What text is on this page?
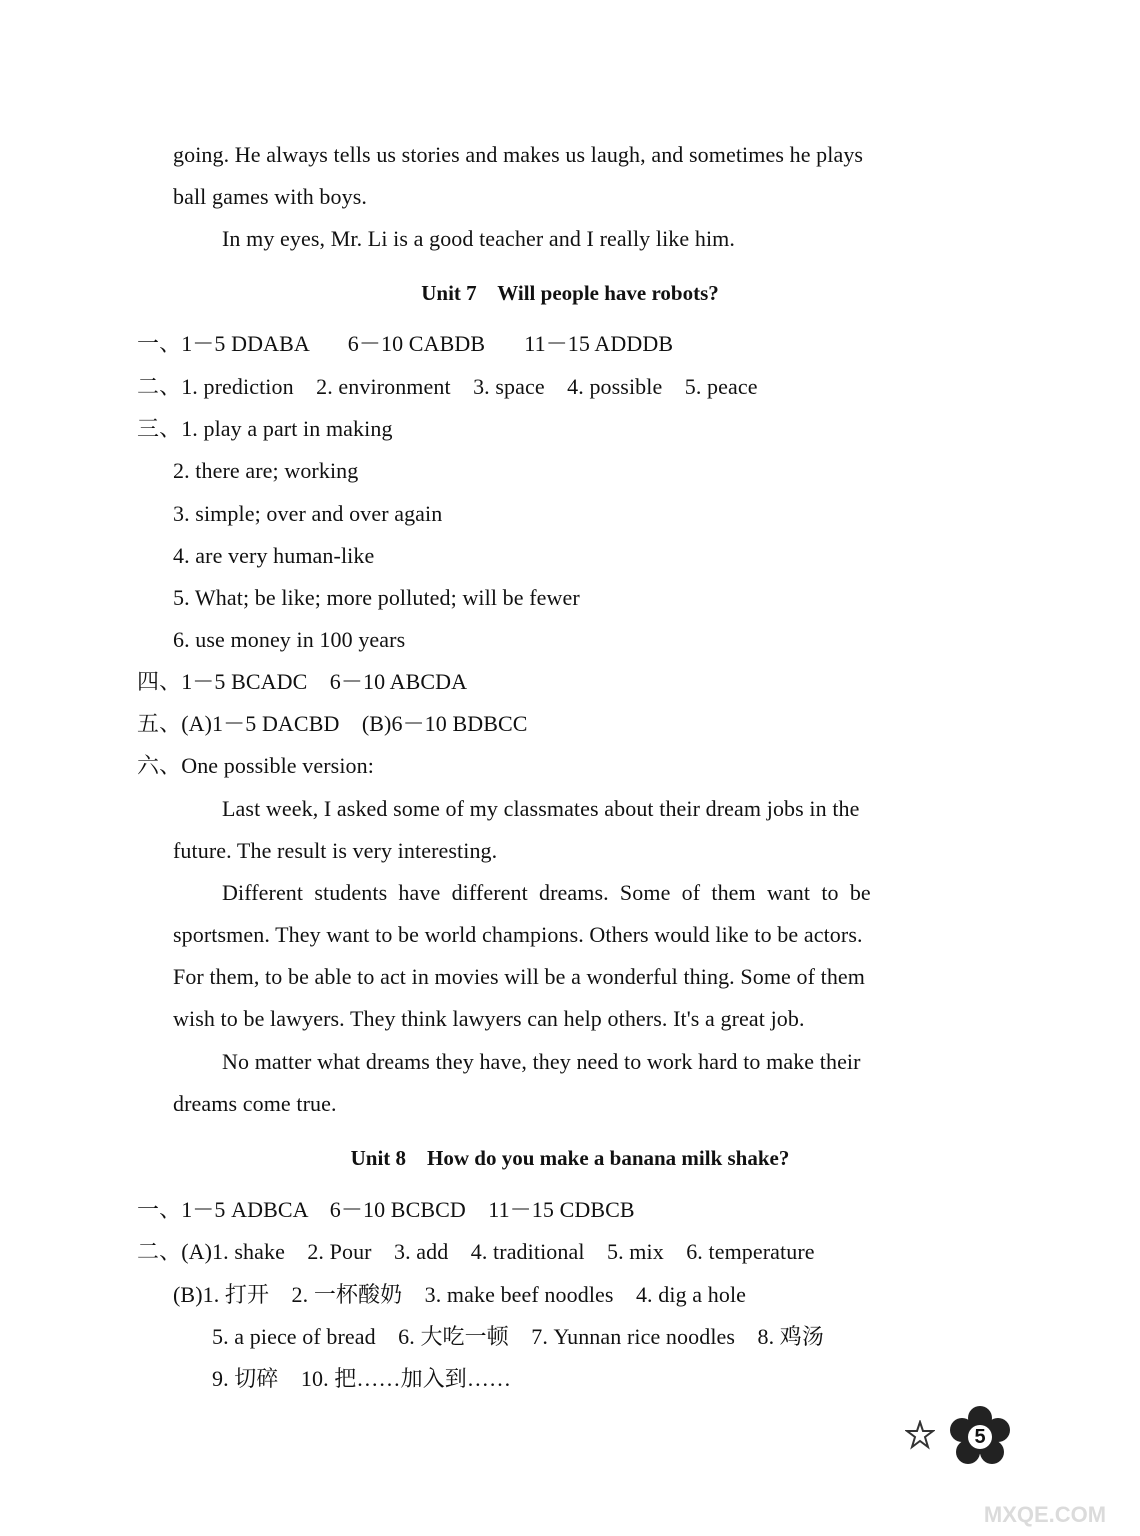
going. He always tells us stories and makes us laugh, and sometimes he plays
ball games with boys.
In my eyes, Mr. Li is a good teacher and I really like him.
Unit 7    Will people have robots?
一、1－5 DDABA       6－10 CABDB       11－15 ADDDB
二、1. prediction    2. environment    3. space    4. possible    5. peace
三、1. play a part in making
2. there are; working
3. simple; over and over again
4. are very human-like
5. What; be like; more polluted; will be fewer
6. use money in 100 years
四、1－5 BCADC    6－10 ABCDA
五、(A)1－5 DACBD    (B)6－10 BDBCC
六、One possible version:
Last week, I asked some of my classmates about their dream jobs in the
future. The result is very interesting.
Different  students  have  different  dreams.  Some  of  them  want  to  be
sportsmen. They want to be world champions. Others would like to be actors.
For them, to be able to act in movies will be a wonderful thing. Some of them
wish to be lawyers. They think lawyers can help others. It's a great job.
No matter what dreams they have, they need to work hard to make their
dreams come true.
Unit 8    How do you make a banana milk shake?
一、1－5 ADBCA    6－10 BCBCD    11－15 CDBCB
二、(A)1. shake    2. Pour    3. add    4. traditional    5. mix    6. temperature
(B)1. 打开    2. 一杯酸奶    3. make beef noodles    4. dig a hole
5. a piece of bread    6. 大吃一顿    7. Yunnan rice noodles    8. 鸡汤
9. 切碎    10. 把……加入到……
5
MXQE.COM
